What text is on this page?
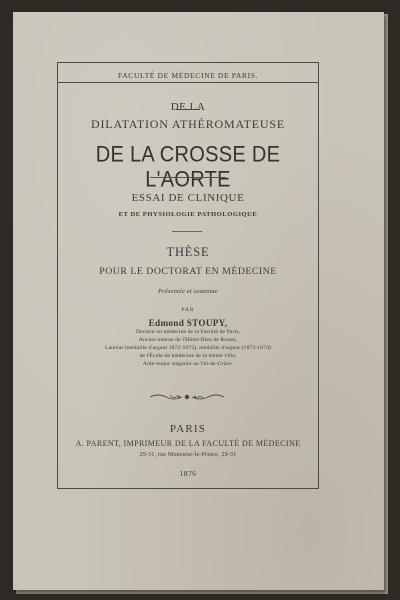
FACULTÉ DE MÉDECINE DE PARIS.
DE LA
DILATATION ATHÉROMATEUSE
DE LA CROSSE DE L'AORTE
ESSAI DE CLINIQUE
ET DE PHYSIOLOGIE PATHOLOGIQUE
THÈSE
POUR LE DOCTORAT EN MÉDECINE
Présentée et soutenue
PAR
Edmond STOUPY,
Docteur en médecine de la Faculté de Paris,
Ancien interne de l'Hôtel-Dieu de Rouen,
Lauréat (médaille d'argent 1872-1873), médaille d'argent (1873-1874)
de l'École de médecine de la même ville,
Aide-major stagiaire au Val-de-Grâce.
PARIS
A. PARENT, IMPRIMEUR DE LA FACULTÉ DE MÉDECINE
29-31, rue Monsieur-le-Prince, 29-31
1876
